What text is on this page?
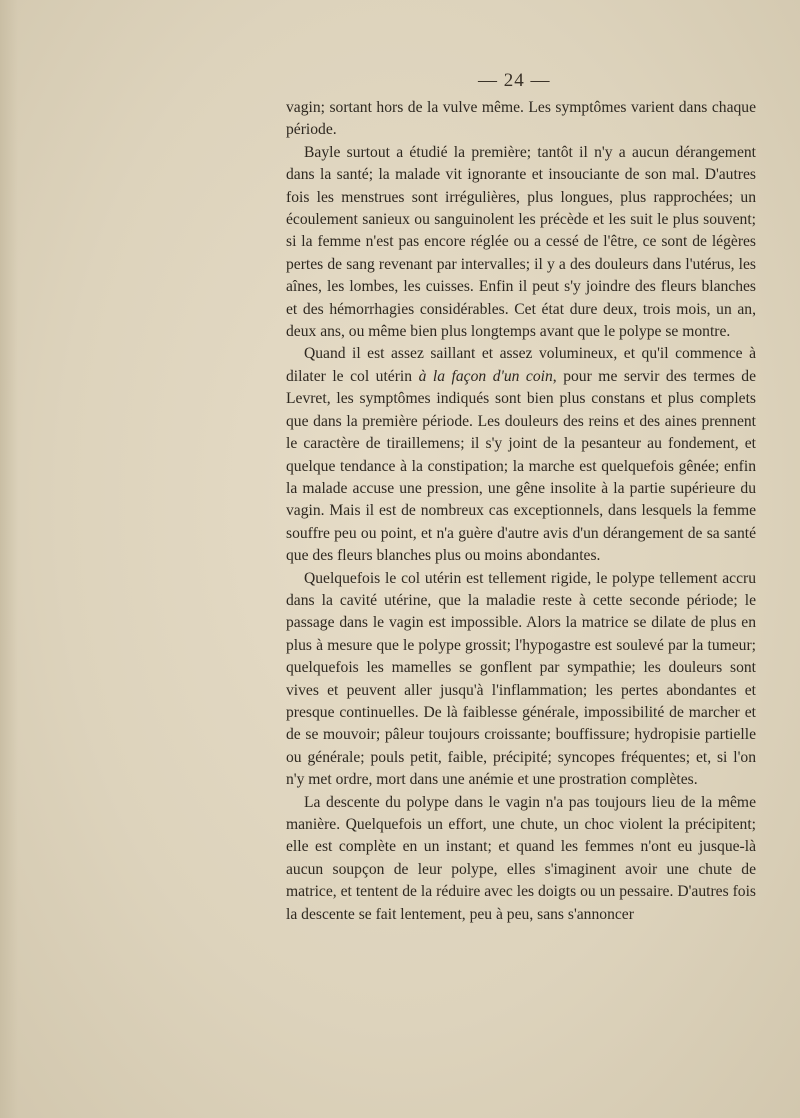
— 24 —

vagin; sortant hors de la vulve même. Les symptômes varient dans chaque période.

Bayle surtout a étudié la première; tantôt il n'y a aucun dérangement dans la santé; la malade vit ignorante et insouciante de son mal. D'autres fois les menstrues sont irrégulières, plus longues, plus rapprochées; un écoulement sanieux ou sanguinolent les précède et les suit le plus souvent; si la femme n'est pas encore réglée ou a cessé de l'être, ce sont de légères pertes de sang revenant par intervalles; il y a des douleurs dans l'utérus, les aînes, les lombes, les cuisses. Enfin il peut s'y joindre des fleurs blanches et des hémorrhagies considérables. Cet état dure deux, trois mois, un an, deux ans, ou même bien plus longtemps avant que le polype se montre.

Quand il est assez saillant et assez volumineux, et qu'il commence à dilater le col utérin à la façon d'un coin, pour me servir des termes de Levret, les symptômes indiqués sont bien plus constans et plus complets que dans la première période. Les douleurs des reins et des aines prennent le caractère de tiraillemens; il s'y joint de la pesanteur au fondement, et quelque tendance à la constipation; la marche est quelquefois gênée; enfin la malade accuse une pression, une gêne insolite à la partie supérieure du vagin. Mais il est de nombreux cas exceptionnels, dans lesquels la femme souffre peu ou point, et n'a guère d'autre avis d'un dérangement de sa santé que des fleurs blanches plus ou moins abondantes.

Quelquefois le col utérin est tellement rigide, le polype tellement accru dans la cavité utérine, que la maladie reste à cette seconde période; le passage dans le vagin est impossible. Alors la matrice se dilate de plus en plus à mesure que le polype grossit; l'hypogastre est soulevé par la tumeur; quelquefois les mamelles se gonflent par sympathie; les douleurs sont vives et peuvent aller jusqu'à l'inflammation; les pertes abondantes et presque continuelles. De là faiblesse générale, impossibilité de marcher et de se mouvoir; pâleur toujours croissante; bouffissure; hydropisie partielle ou générale; pouls petit, faible, précipité; syncopes fréquentes; et, si l'on n'y met ordre, mort dans une anémie et une prostration complètes.

La descente du polype dans le vagin n'a pas toujours lieu de la même manière. Quelquefois un effort, une chute, un choc violent la précipitent; elle est complète en un instant; et quand les femmes n'ont eu jusque-là aucun soupçon de leur polype, elles s'imaginent avoir une chute de matrice, et tentent de la réduire avec les doigts ou un pessaire. D'autres fois la descente se fait lentement, peu à peu, sans s'annoncer
